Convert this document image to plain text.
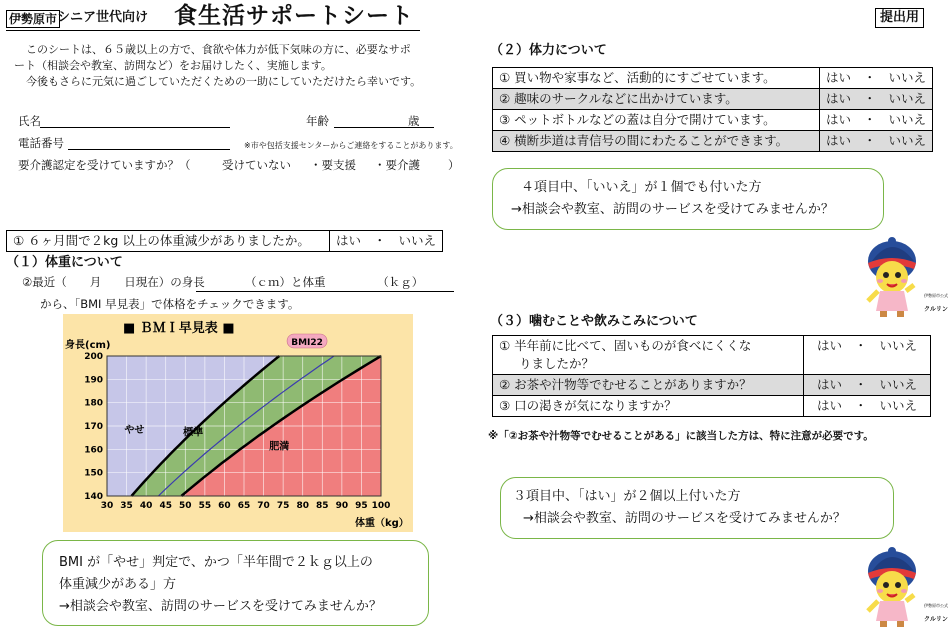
伊勢原市 シニア世代向け 食生活サポートシート	提出用
このシートは、６５歳以上の方で、食欲や体力が低下気味の方に、必要なサポ
ート（相談会や教室、訪問など）をお届けしたく、実施します。
今後もさらに元気に過ごしていただくための一助にしていただけたら幸いです。
氏名	年齢	歳
電話番号	※市や包括支援センターからご連絡をすることがあります。
要介護認定を受けていますか？（	受けていない ・要支援 ・要介護 ）
① ６ヶ月間で２kg 以上の体重減少がありましたか。	はい　・　いいえ
（１）体重について
②最近（　　月　　日現在）の身長　　　　（ｃｍ）と体重　　　　　（ｋｇ）
から、「BMI 早見表」で体格をチェックできます。
■ ＢＭＩ早見表 ■
身長(cm)
体重（kg）
やせ	標準
肥満
BMI22
30 35 40 45 50 55 60 65 70 75 80 85 90 95 100
140
150
160
170
180
190
200
BMI が「やせ」判定で、かつ「半年間で２ｋｇ以上の
体重減少がある」方
→相談会や教室、訪問のサービスを受けてみませんか？
（２）体力について
① 買い物や家事など、活動的にすごせています。	はい　・　いいえ
② 趣味のサークルなどに出かけています。	はい　・　いいえ
③ ペットボトルなどの蓋は自分で開けています。	はい　・　いいえ
④ 横断歩道は青信号の間にわたることができます。	はい　・　いいえ
４項目中、「いいえ」が１個でも付いた方
→相談会や教室、訪問のサービスを受けてみませんか？
伊勢原市公式
クルリン
（３）噛むことや飲みこみについて
① 半年前に比べて、固いものが食べにくくな
りましたか？	はい　・　いいえ
② お茶や汁物等でむせることがありますか？	はい　・　いいえ
③ 口の渇きが気になりますか？	はい　・　いいえ
※「②お茶や汁物等でむせることがある」に該当した方は、特に注意が必要です。
３項目中、「はい」が２個以上付いた方
→相談会や教室、訪問のサービスを受けてみませんか？
伊勢原市公式
クルリン
